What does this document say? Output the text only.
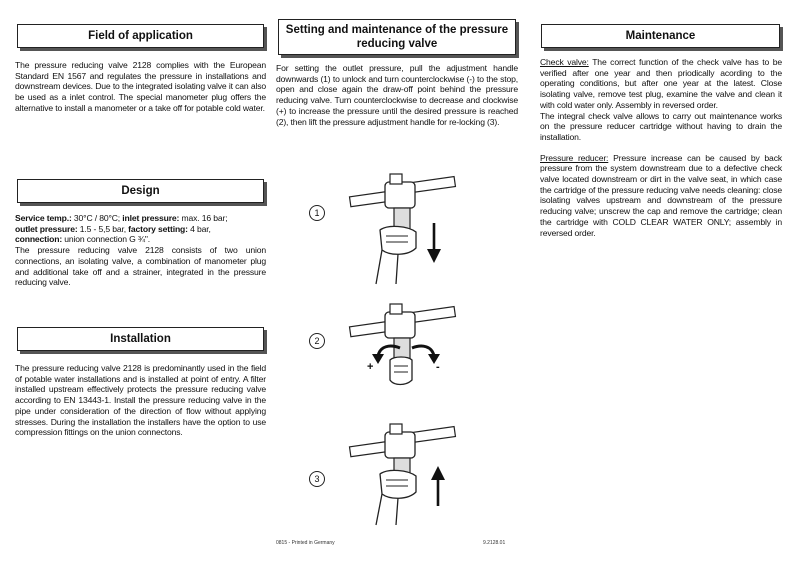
Field of application

The pressure reducing valve 2128 complies with the European Standard EN 1567 and regulates the pressure in installations and downstream devices. Due to the integrated isolating valve it can also be used as a inlet control. The special manometer plug offers the alternative to install a manometer or a take off for potable cold water.

Design
Service temp.: 30°C / 80°C; inlet pressure: max. 16 bar;
outlet pressure: 1.5 - 5,5 bar, factory setting: 4 bar,
connection: union connection G ¾".
The pressure reducing valve 2128 consists of two union connections, an isolating valve, a combination of manometer plug and additional take off and a strainer, integrated in the pressure reducing valve.
Installation

The pressure reducing valve 2128 is predominantly used in the field of potable water installations and is installed at point of entry. A filter installed upstream effectively protects the pressure reducing valve according to EN 13443-1. Install the pressure reducing valve in the pipe under consideration of the direction of flow without applying stresses. During the installation the installers have the option to use compression fittings on the union connectons.

Setting and maintenance of the pressure reducing valve

For setting the outlet pressure, pull the adjustment handle downwards (1) to unlock and turn counterclockwise (-) to the stop, open and close again the draw-off point behind the pressure reducing valve. Turn counterclockwise to decrease and clockwise (+) to increase the pressure until the desired pressure is reached (2), then lift the pressure adjustment handle for re-locking (3).

1
2
+	-
3
0815 - Printed in Germany	9.2128.01
Maintenance
Check valve: The correct function of the check valve has to be verified after one year and then priodically acording to the operating conditions, but after one year at the latest. Close isolating valve, remove test plug, examine the valve and clean it with cold water only. Assembly in reversed order.
The integral check valve allows to carry out maintenance works on the pressure reducer cartridge without having to drain the installation.
Pressure reducer: Pressure increase can be caused by back pressure from the system downstream due to a defective check valve located downstream or dirt in the valve seat, in which case the cartridge of the pressure reducing valve needs cleaning: close isolating valves upstream and downstream of the pressure reducing valve; unscrew the cap and remove the cartridge; clean the cartridge with COLD CLEAR WATER ONLY; assembly in reversed order.
